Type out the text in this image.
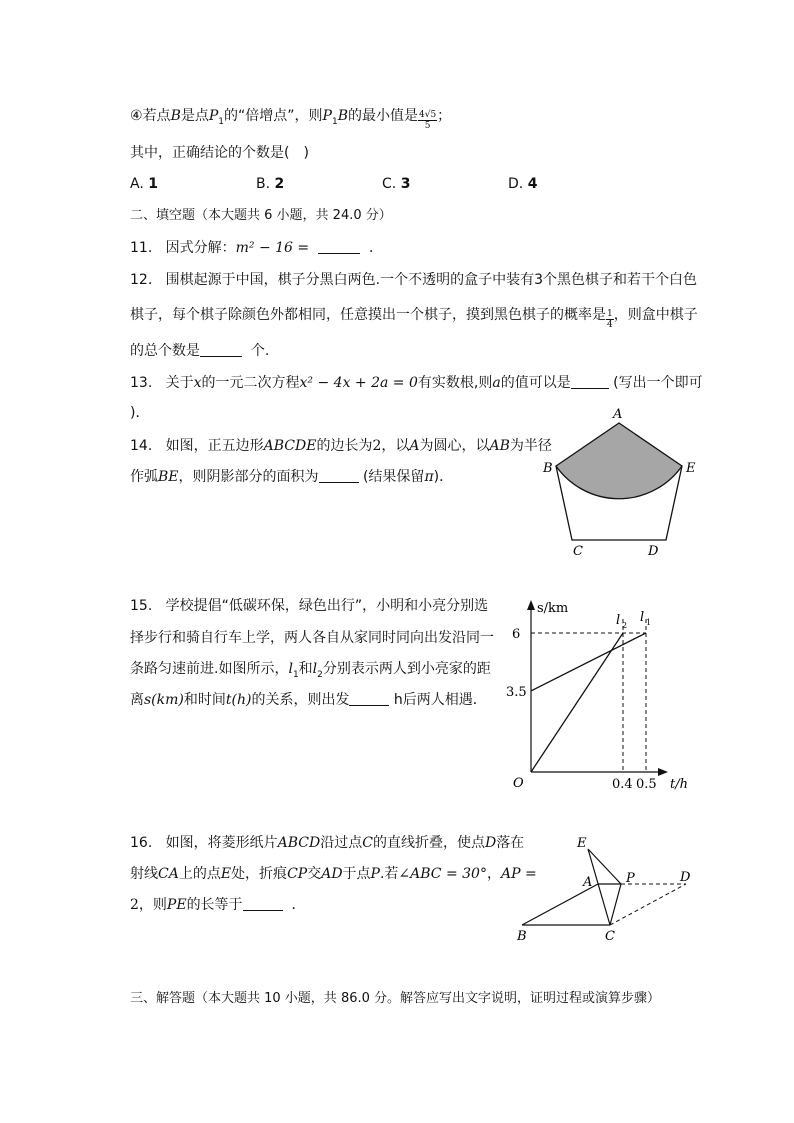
④若点B是点$P_1$的“倍增点”，则$P_1B$的最小值是 $\frac{4√5}{5}$ ；
其中，正确结论的个数是(　)
A. 1	B. 2	C. 3	D. 4
二、填空题（本大题共 6 小题，共 24.0 分）
11. 因式分解：m² − 16 =	．
12. 围棋起源于中国，棋子分黑白两色.一个不透明的盒子中装有3个黑色棋子和若干个白色
棋子，每个棋子除颜色外都相同，任意摸出一个棋子，摸到黑色棋子的概率是 $\frac{1}{4}$ ，则盒中棋子
的总个数是	个.
13. 关于x的一元二次方程x² − 4x + 2a = 0有实数根,则a的值可以是	(写出一个即可
)．
14. 如图，正五边形ABCDE的边长为2，以A为圆心，以AB为半径
作弧BE，则阴影部分的面积为	(结果保留π)．
A
B	E
C	D
15. 学校提倡“低碳环保，绿色出行”，小明和小亮分别选
择步行和骑自行车上学，两人各自从家同时同向出发沿同一
条路匀速前进.如图所示，$l_1$和$l_2$分别表示两人到小亮家的距
离s(km)和时间t(h)的关系，则出发	h后两人相遇．
s/km
t/h
O
6
3.5
0.4 0.5
l 2
l 1
16. 如图，将菱形纸片ABCD沿过点C的直线折叠，使点D落在
射线CA上的点E处，折痕CP交AD于点P.若∠ABC = 30°，AP =
2，则PE的长等于	．
E
A	P	D
B	C
三、解答题（本大题共 10 小题，共 86.0 分。解答应写出文字说明，证明过程或演算步骤）
